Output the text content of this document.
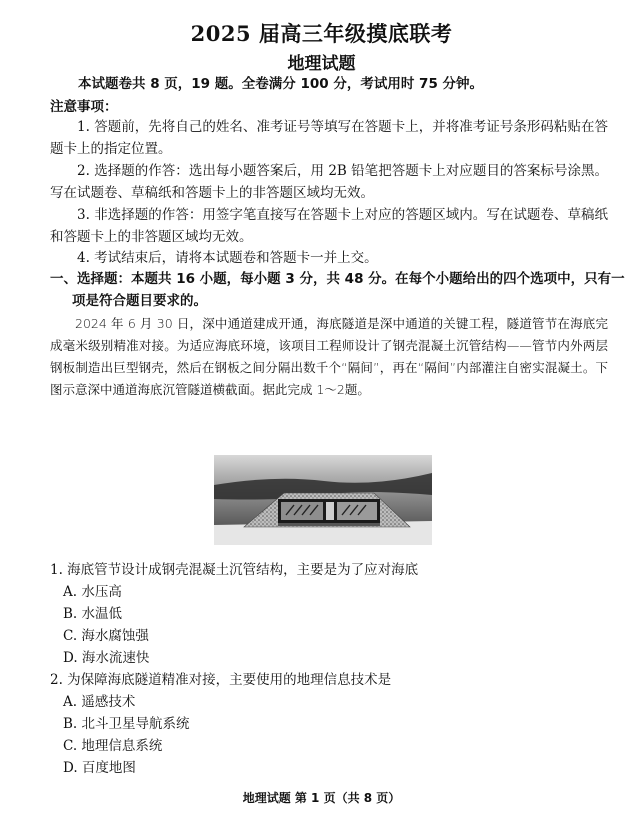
2025 届高三年级摸底联考
地理试题
本试题卷共 8 页，19 题。全卷满分 100 分，考试用时 75 分钟。
注意事项：
1. 答题前，先将自己的姓名、准考证号等填写在答题卡上，并将准考证号条形码粘贴在答题卡上的指定位置。
2. 选择题的作答：选出每小题答案后，用 2B 铅笔把答题卡上对应题目的答案标号涂黑。写在试题卷、草稿纸和答题卡上的非答题区域均无效。
3. 非选择题的作答：用签字笔直接写在答题卡上对应的答题区域内。写在试题卷、草稿纸和答题卡上的非答题区域均无效。
4. 考试结束后，请将本试题卷和答题卡一并上交。
一、选择题：本题共 16 小题，每小题 3 分，共 48 分。在每个小题给出的四个选项中，只有一项是符合题目要求的。
2024 年 6 月 30 日，深中通道建成开通，海底隧道是深中通道的关键工程，隧道管节在海底完成毫米级别精准对接。为适应海底环境，该项目工程师设计了钢壳混凝土沉管结构——管节内外两层钢板制造出巨型钢壳，然后在钢板之间分隔出数千个“隔间”，再在“隔间”内部灌注自密实混凝土。下图示意深中通道海底沉管隧道横截面。据此完成 1～2题。
1. 海底管节设计成钢壳混凝土沉管结构，主要是为了应对海底
A. 水压高
B. 水温低
C. 海水腐蚀强
D. 海水流速快
2. 为保障海底隧道精准对接，主要使用的地理信息技术是
A. 遥感技术
B. 北斗卫星导航系统
C. 地理信息系统
D. 百度地图
地理试题 第 1 页（共 8 页）
